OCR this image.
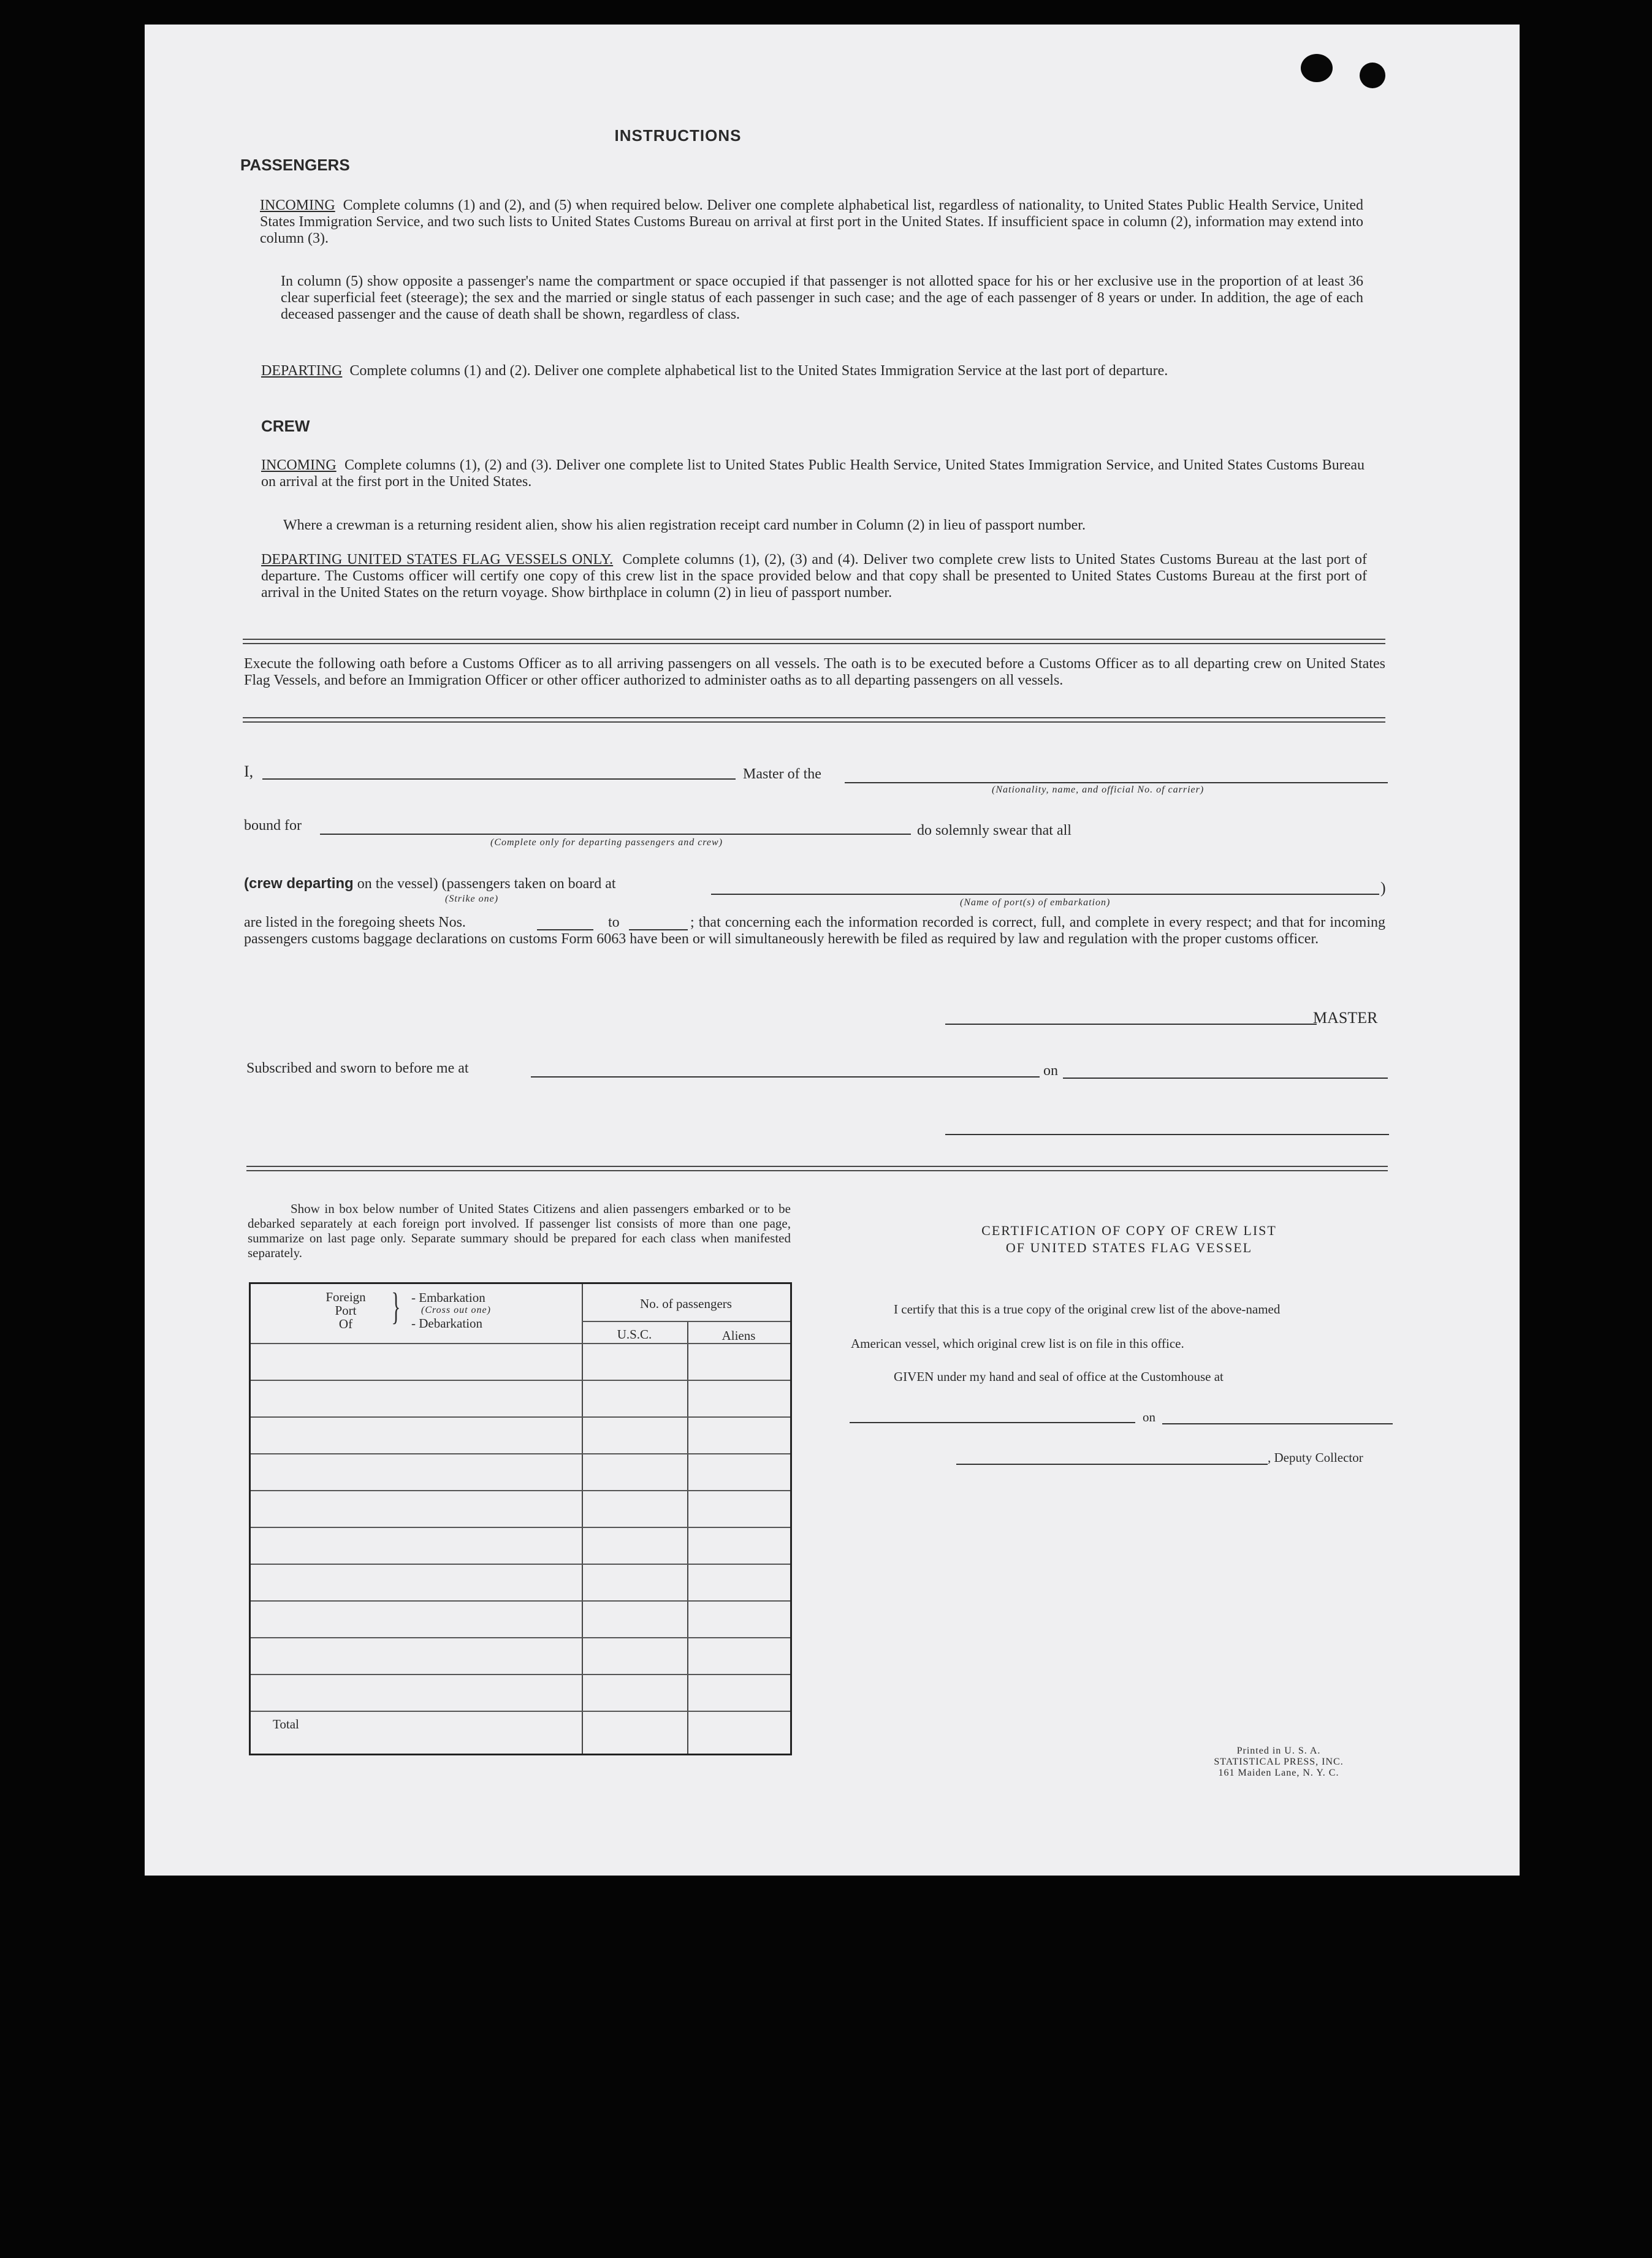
INSTRUCTIONS
PASSENGERS

INCOMING Complete columns (1) and (2), and (5) when required below. Deliver one complete alphabetical list, regardless of nationality, to United States Public Health Service, United States Immigration Service, and two such lists to United States Customs Bureau on arrival at first port in the United States. If insufficient space in column (2), information may extend into column (3).

In column (5) show opposite a passenger's name the compartment or space occupied if that passenger is not allotted space for his or her exclusive use in the proportion of at least 36 clear superficial feet (steerage); the sex and the married or single status of each passenger in such case; and the age of each passenger of 8 years or under. In addition, the age of each deceased passenger and the cause of death shall be shown, regardless of class.

DEPARTING Complete columns (1) and (2). Deliver one complete alphabetical list to the United States Immigration Service at the last port of departure.

CREW

INCOMING Complete columns (1), (2) and (3). Deliver one complete list to United States Public Health Service, United States Immigration Service, and United States Customs Bureau on arrival at the first port in the United States.

Where a crewman is a returning resident alien, show his alien registration receipt card number in Column (2) in lieu of passport number.

DEPARTING UNITED STATES FLAG VESSELS ONLY. Complete columns (1), (2), (3) and (4). Deliver two complete crew lists to United States Customs Bureau at the last port of departure. The Customs officer will certify one copy of this crew list in the space provided below and that copy shall be presented to United States Customs Bureau at the first port of arrival in the United States on the return voyage. Show birthplace in column (2) in lieu of passport number.

Execute the following oath before a Customs Officer as to all arriving passengers on all vessels. The oath is to be executed before a Customs Officer as to all departing crew on United States Flag Vessels, and before an Immigration Officer or other officer authorized to administer oaths as to all departing passengers on all vessels.

I,	Master of the
(Nationality, name, and official No. of carrier)
bound for
(Complete only for departing passengers and crew)
do solemnly swear that all
(crew departing on the vessel) (passengers taken on board at
(Strike one)	(Name of port(s) of embarkation)
)
are listed in the foregoing sheets Nos.	to	; that concerning each the information recorded is correct, full, and complete in every respect; and that for incoming passengers customs baggage declarations on customs Form 6063 have been or will simultaneously herewith be filed as required by law and regulation with the proper customs officer.

MASTER
Subscribed and sworn to before me at	on

Show in box below number of United States Citizens and alien passengers embarked or to be debarked separately at each foreign port involved. If passenger list consists of more than one page, summarize on last page only. Separate summary should be prepared for each class when manifested separately.

Foreign
Port
Of	} - Embarkation
(Cross out one)
- Debarkation
No. of passengers
U.S.C.	Aliens
Total
CERTIFICATION OF COPY OF CREW LIST
OF UNITED STATES FLAG VESSEL
I certify that this is a true copy of the original crew list of the above-named
American vessel, which original crew list is on file in this office.
GIVEN under my hand and seal of office at the Customhouse at
on
, Deputy Collector
Printed in U. S. A.
STATISTICAL PRESS, INC.
161 Maiden Lane, N. Y. C.
